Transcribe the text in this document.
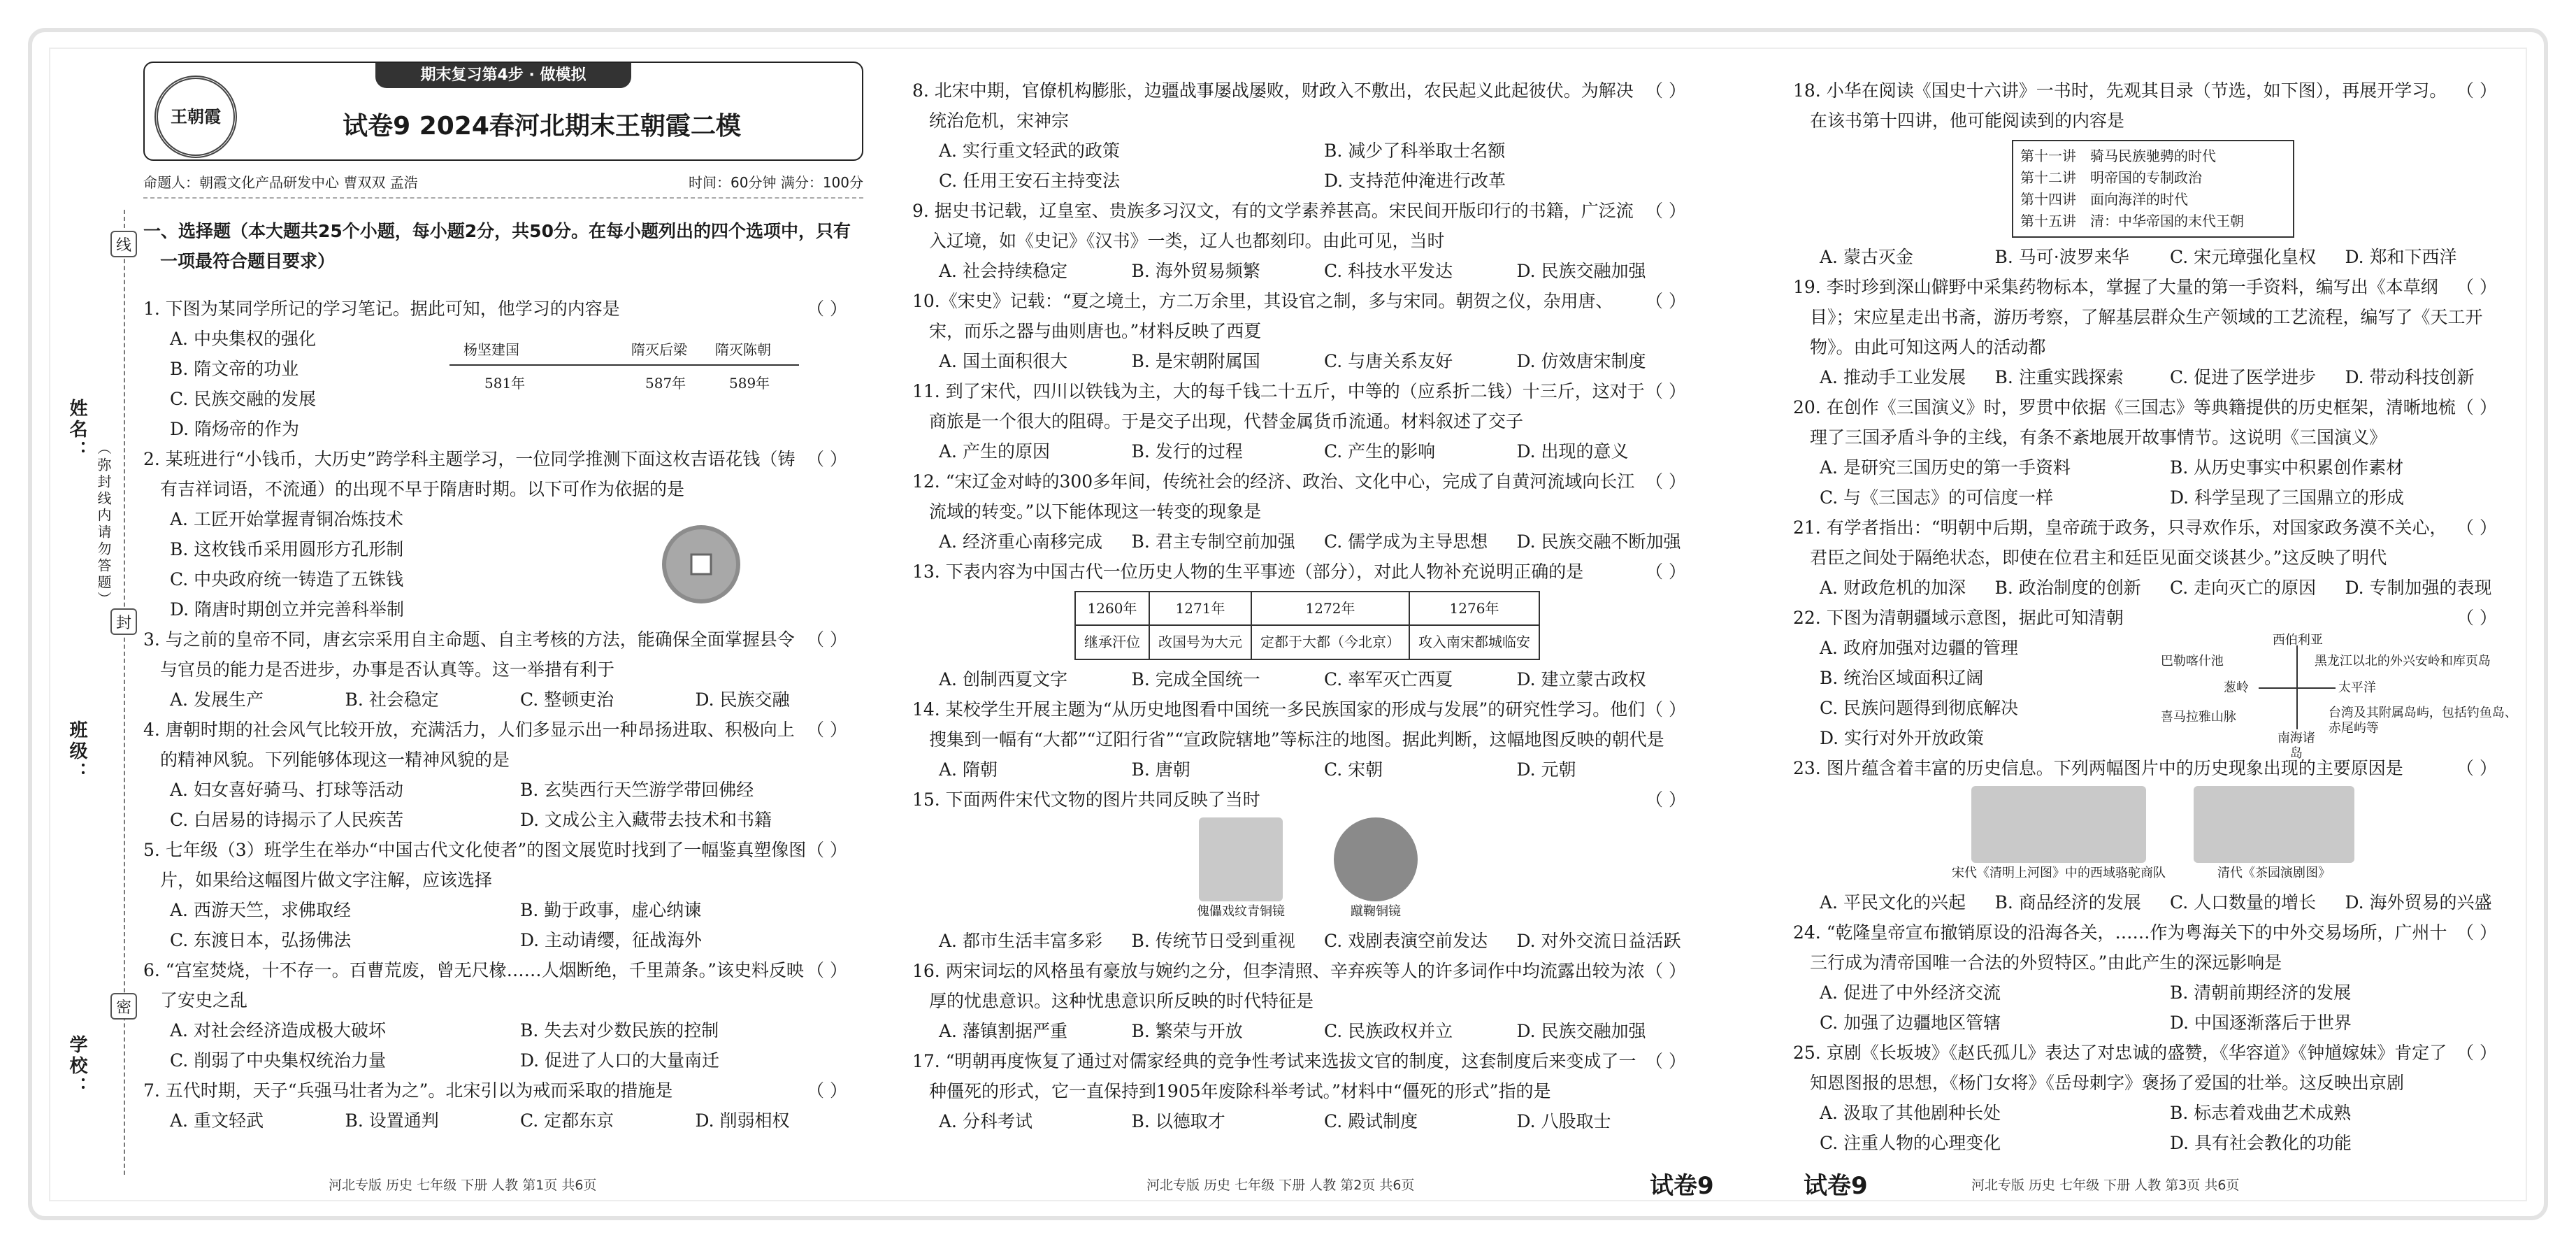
姓名：
班级：
学校：
（弥封线内请勿答题）
线
封
密
期末复习第4步 · 做模拟
王朝霞	试卷9 2024春河北期末王朝霞二模
命题人：朝霞文化产品研发中心 曹双双 孟浩	时间：60分钟 满分：100分

一、选择题（本大题共25个小题，每小题2分，共50分。在每小题列出的四个选项中，只有一项最符合题目要求）

（ ）
1. 下图为某同学所记的学习笔记。据此可知，他学习的内容是

A. 中央集权的强化
B. 隋文帝的功业
C. 民族交融的发展
D. 隋炀帝的作为
杨坚建国	隋灭后梁 隋灭陈朝
581年	587年	589年

（ ）
2. 某班进行“小钱币，大历史”跨学科主题学习，一位同学推测下面这枚吉语花钱（铸有吉祥词语，不流通）的出现不早于隋唐时期。以下可作为依据的是

A. 工匠开始掌握青铜冶炼技术
B. 这枚钱币采用圆形方孔形制
C. 中央政府统一铸造了五铢钱
D. 隋唐时期创立并完善科举制

（ ）
3. 与之前的皇帝不同，唐玄宗采用自主命题、自主考核的方法，能确保全面掌握县令与官员的能力是否进步，办事是否认真等。这一举措有利于

A. 发展生产	B. 社会稳定	C. 整顿吏治	D. 民族交融

（ ）
4. 唐朝时期的社会风气比较开放，充满活力，人们多显示出一种昂扬进取、积极向上的精神风貌。下列能够体现这一精神风貌的是

A. 妇女喜好骑马、打球等活动	B. 玄奘西行天竺游学带回佛经
C. 白居易的诗揭示了人民疾苦	D. 文成公主入藏带去技术和书籍

（ ）
5. 七年级（3）班学生在举办“中国古代文化使者”的图文展览时找到了一幅鉴真塑像图片，如果给这幅图片做文字注解，应该选择

A. 西游天竺，求佛取经	B. 勤于政事，虚心纳谏
C. 东渡日本，弘扬佛法	D. 主动请缨，征战海外

（ ）
6. “宫室焚烧，十不存一。百曹荒废，曾无尺椽……人烟断绝，千里萧条。”该史料反映了安史之乱

A. 对社会经济造成极大破坏	B. 失去对少数民族的控制
C. 削弱了中央集权统治力量	D. 促进了人口的大量南迁

（ ）
7. 五代时期，天子“兵强马壮者为之”。北宋引以为戒而采取的措施是

A. 重文轻武	B. 设置通判	C. 定都东京	D. 削弱相权

（ ）
8. 北宋中期，官僚机构膨胀，边疆战事屡战屡败，财政入不敷出，农民起义此起彼伏。为解决统治危机，宋神宗

A. 实行重文轻武的政策	B. 减少了科举取士名额
C. 任用王安石主持变法	D. 支持范仲淹进行改革

（ ）
9. 据史书记载，辽皇室、贵族多习汉文，有的文学素养甚高。宋民间开版印行的书籍，广泛流入辽境，如《史记》《汉书》一类，辽人也都刻印。由此可见，当时

A. 社会持续稳定	B. 海外贸易频繁	C. 科技水平发达	D. 民族交融加强

（ ）
10.《宋史》记载：“夏之境土，方二万余里，其设官之制，多与宋同。朝贺之仪，杂用唐、宋，而乐之器与曲则唐也。”材料反映了西夏

A. 国土面积很大	B. 是宋朝附属国	C. 与唐关系友好	D. 仿效唐宋制度

（ ）
11. 到了宋代，四川以铁钱为主，大的每千钱二十五斤，中等的（应系折二钱）十三斤，这对于商旅是一个很大的阻碍。于是交子出现，代替金属货币流通。材料叙述了交子

A. 产生的原因	B. 发行的过程	C. 产生的影响	D. 出现的意义

（ ）
12. “宋辽金对峙的300多年间，传统社会的经济、政治、文化中心，完成了自黄河流域向长江流域的转变。”以下能体现这一转变的现象是

A. 经济重心南移完成	B. 君主专制空前加强	C. 儒学成为主导思想	D. 民族交融不断加强

（ ）
13. 下表内容为中国古代一位历史人物的生平事迹（部分），对此人物补充说明正确的是

1260年	1271年	1272年	1276年
继承汗位	改国号为大元	定都于大都（今北京）	攻入南宋都城临安
A. 创制西夏文字	B. 完成全国统一	C. 率军灭亡西夏	D. 建立蒙古政权

（ ）
14. 某校学生开展主题为“从历史地图看中国统一多民族国家的形成与发展”的研究性学习。他们搜集到一幅有“大都”“辽阳行省”“宣政院辖地”等标注的地图。据此判断，这幅地图反映的朝代是

A. 隋朝	B. 唐朝	C. 宋朝	D. 元朝

（ ）
15. 下面两件宋代文物的图片共同反映了当时

傀儡戏纹青铜镜	蹴鞠铜镜
A. 都市生活丰富多彩	B. 传统节日受到重视	C. 戏剧表演空前发达	D. 对外交流日益活跃

（ ）
16. 两宋词坛的风格虽有豪放与婉约之分，但李清照、辛弃疾等人的许多词作中均流露出较为浓厚的忧患意识。这种忧患意识所反映的时代特征是

A. 藩镇割据严重	B. 繁荣与开放	C. 民族政权并立	D. 民族交融加强

（ ）
17. “明朝再度恢复了通过对儒家经典的竞争性考试来选拔文官的制度，这套制度后来变成了一种僵死的形式，它一直保持到1905年废除科举考试。”材料中“僵死的形式”指的是

A. 分科考试	B. 以德取才	C. 殿试制度	D. 八股取士

（ ）
18. 小华在阅读《国史十六讲》一书时，先观其目录（节选，如下图），再展开学习。在该书第十四讲，他可能阅读到的内容是

第十一讲　骑马民族驰骋的时代
第十二讲　明帝国的专制政治
第十四讲　面向海洋的时代
第十五讲　清：中华帝国的末代王朝
A. 蒙古灭金	B. 马可·波罗来华	C. 宋元璋强化皇权	D. 郑和下西洋

（ ）
19. 李时珍到深山僻野中采集药物标本，掌握了大量的第一手资料，编写出《本草纲目》；宋应星走出书斋，游历考察，了解基层群众生产领域的工艺流程，编写了《天工开物》。由此可知这两人的活动都

A. 推动手工业发展	B. 注重实践探索	C. 促进了医学进步	D. 带动科技创新

（ ）
20. 在创作《三国演义》时，罗贯中依据《三国志》等典籍提供的历史框架，清晰地梳理了三国矛盾斗争的主线，有条不紊地展开故事情节。这说明《三国演义》

A. 是研究三国历史的第一手资料	B. 从历史事实中积累创作素材
C. 与《三国志》的可信度一样	D. 科学呈现了三国鼎立的形成

（ ）
21. 有学者指出：“明朝中后期，皇帝疏于政务，只寻欢作乐，对国家政务漠不关心，君臣之间处于隔绝状态，即使在位君主和廷臣见面交谈甚少。”这反映了明代

A. 财政危机的加深	B. 政治制度的创新	C. 走向灭亡的原因	D. 专制加强的表现

（ ）
22. 下图为清朝疆域示意图，据此可知清朝

A. 政府加强对边疆的管理
B. 统治区域面积辽阔
C. 民族问题得到彻底解决
D. 实行对外开放政策
西伯利亚
巴勒喀什池	黑龙江以北的外兴安岭和库页岛
葱岭	太平洋
喜马拉雅山脉
南海诸岛
台湾及其附属岛屿，包括钓鱼岛、赤尾屿等

（ ）
23. 图片蕴含着丰富的历史信息。下列两幅图片中的历史现象出现的主要原因是

宋代《清明上河图》中的西域骆驼商队	清代《茶园演剧图》
A. 平民文化的兴起	B. 商品经济的发展	C. 人口数量的增长	D. 海外贸易的兴盛

（ ）
24. “乾隆皇帝宣布撤销原设的沿海各关，……作为粤海关下的中外交易场所，广州十三行成为清帝国唯一合法的外贸特区。”由此产生的深远影响是

A. 促进了中外经济交流	B. 清朝前期经济的发展
C. 加强了边疆地区管辖	D. 中国逐渐落后于世界

（ ）
25. 京剧《长坂坡》《赵氏孤儿》表达了对忠诚的盛赞，《华容道》《钟馗嫁妹》肯定了知恩图报的思想，《杨门女将》《岳母刺字》褒扬了爱国的壮举。这反映出京剧

A. 汲取了其他剧种长处	B. 标志着戏曲艺术成熟
C. 注重人物的心理变化	D. 具有社会教化的功能
河北专版 历史 七年级 下册 人教 第1页 共6页	河北专版 历史 七年级 下册 人教 第2页 共6页	试卷9	试卷9	河北专版 历史 七年级 下册 人教 第3页 共6页
